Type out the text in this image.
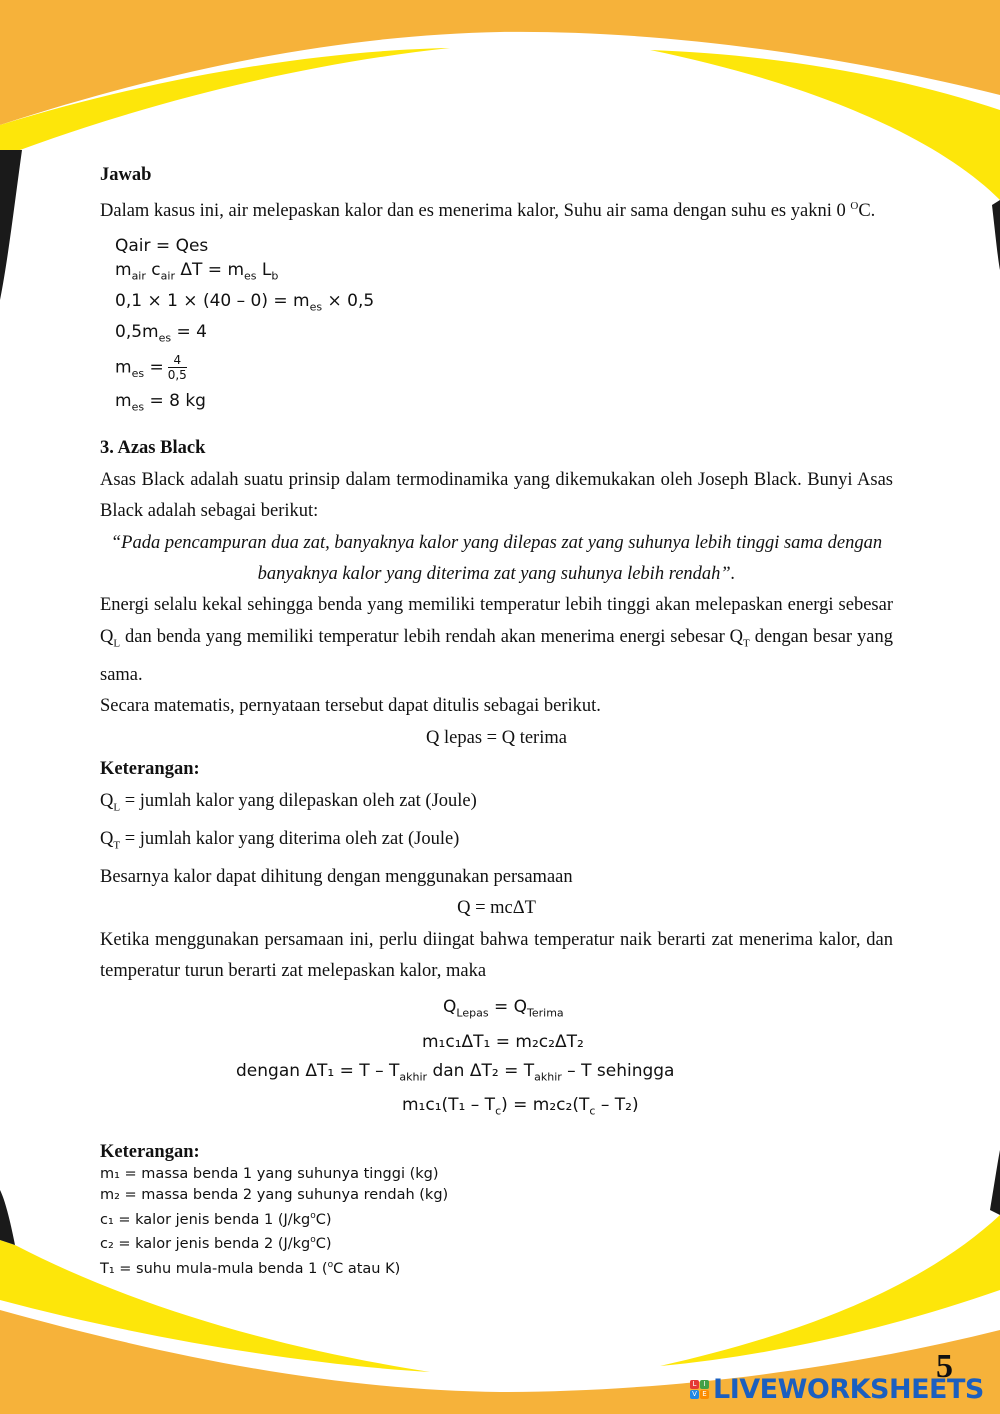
Jawab

Dalam kasus ini, air melepaskan kalor dan es menerima kalor, Suhu air sama dengan suhu es yakni 0 $^O$C.

Qair = Qes
$m_{air}$ $c_{air}$ $\Delta T = m_{es}$ $L_b$
$0,1 \times 1 \times (40 - 0) = m_{es} \times 0,5$
$0,5m_{es} = 4$
$m_{es} = \frac{4}{0,5}$
$m_{es} = 8$ kg

3. Azas Black

Asas Black adalah suatu prinsip dalam termodinamika yang dikemukakan oleh Joseph Black. Bunyi Asas Black adalah sebagai berikut:

“Pada pencampuran dua zat, banyaknya kalor yang dilepas zat yang suhunya lebih tinggi sama dengan banyaknya kalor yang diterima zat yang suhunya lebih rendah”.

Energi selalu kekal sehingga benda yang memiliki temperatur lebih tinggi akan melepaskan energi sebesar $Q_L$ dan benda yang memiliki temperatur lebih rendah akan menerima energi sebesar $Q_T$ dengan besar yang sama.

Secara matematis, pernyataan tersebut dapat ditulis sebagai berikut.

Q lepas = Q terima

Keterangan:

$Q_L$ = jumlah kalor yang dilepaskan oleh zat (Joule)

$Q_T$ = jumlah kalor yang diterima oleh zat (Joule)

Besarnya kalor dapat dihitung dengan menggunakan persamaan

Q = mcΔT

Ketika menggunakan persamaan ini, perlu diingat bahwa temperatur naik berarti zat menerima kalor, dan temperatur turun berarti zat melepaskan kalor, maka

$Q_{Lepas} = Q_{Terima}$
m₁c₁ΔT₁ = m₂c₂ΔT₂
dengan $\Delta T_1 = T - T_{akhir}$ dan $\Delta T_2 = T_{akhir} - T$ sehingga
$m_1c_1(T_1 - T_c) = m_2c_2(T_c - T_2)$

Keterangan:

m₁ = massa benda 1 yang suhunya tinggi (kg)
m₂ = massa benda 2 yang suhunya rendah (kg)
c₁ = kalor jenis benda 1 $(J/kg^oC)$
c₂ = kalor jenis benda 2 $(J/kg^oC)$
T₁ = suhu mula-mula benda 1 ($^o$C atau K)
5
L	I
V E LIVEWORKSHEETS
